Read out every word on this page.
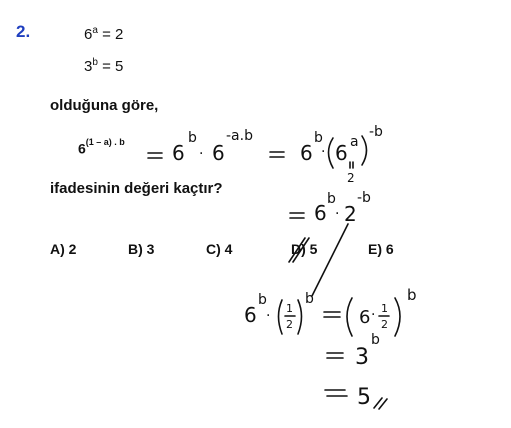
2.	$6^a = 2$
$3^b = 5$
olduğuna göre,
$6^{(1 - a) . b}$
ifadesinin değeri kaçtır?
A) 2	B) 3	C) 4	D) 5	E) 6
6
b
· 6
-a.b
6
b
· 6 a
-b
2
6
b
· 2
-b
6
b
· 1
2
b
6 · 1
2
b
3
b
5
